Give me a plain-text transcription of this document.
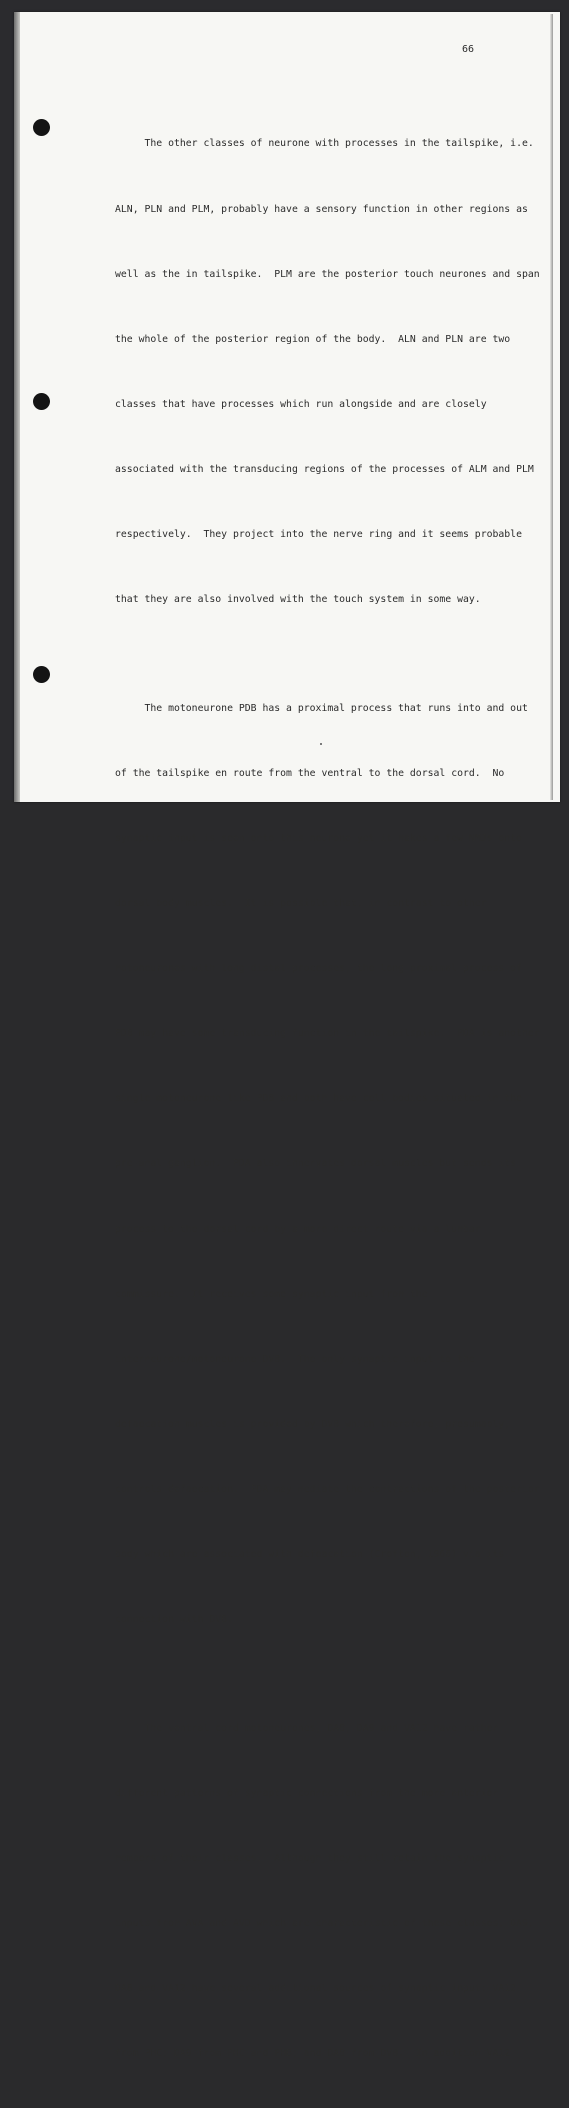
66

The other classes of neurone with processes in the tailspike, i.e.

ALN, PLN and PLM, probably have a sensory function in other regions as

well as the in tailspike.  PLM are the posterior touch neurones and span

the whole of the posterior region of the body.  ALN and PLN are two

classes that have processes which run alongside and are closely

associated with the transducing regions of the processes of ALM and PLM

respectively.  They project into the nerve ring and it seems probable

that they are also involved with the touch system in some way.

The motoneurone PDB has a proximal process that runs into and out

of the tailspike en route from the ventral to the dorsal cord.  No

synaptic input is seen onto this neurone yet it makes a few NMJs onto

dorsal body muscles.  It is possible that, in contrast to other

motoneurones with long distal processes, the long proximal process of

PDB may have some transducing function in the tailspike.  PDA is another

single motoneurone like PDB and both have cell bodies situated in the

pre-anal ganglion.  PDA also innervates dorsal muscles but sends its

process to the dorsal cord by a more direct route via a lumbar

commissure.  It receives some synaptic input from the

interneurone/motoneurone DVB.  The only synaptic input to the

defaecation muscles is provided by DVB which therefore, presumably,

controls defaecation.  PDA may mediate the contractions of the posterior

body which are associated with defeacation (Crofton, 1966) via its

connection with DVB.

The ventral cord motoneurones, DA8, DA9 and VA12 have rather

different patterns of synaptic connections from the more anterior

members of their classes.  Although they still retain the synaptic

inputs from AVA and AVD which are characteristic of these classes, DA9,

DA8 and VA12 have several additional sources of synaptic input: VA12

from PHC; DA9 from PHC and PHB; and DA8 from DVB.  In addition VA12
